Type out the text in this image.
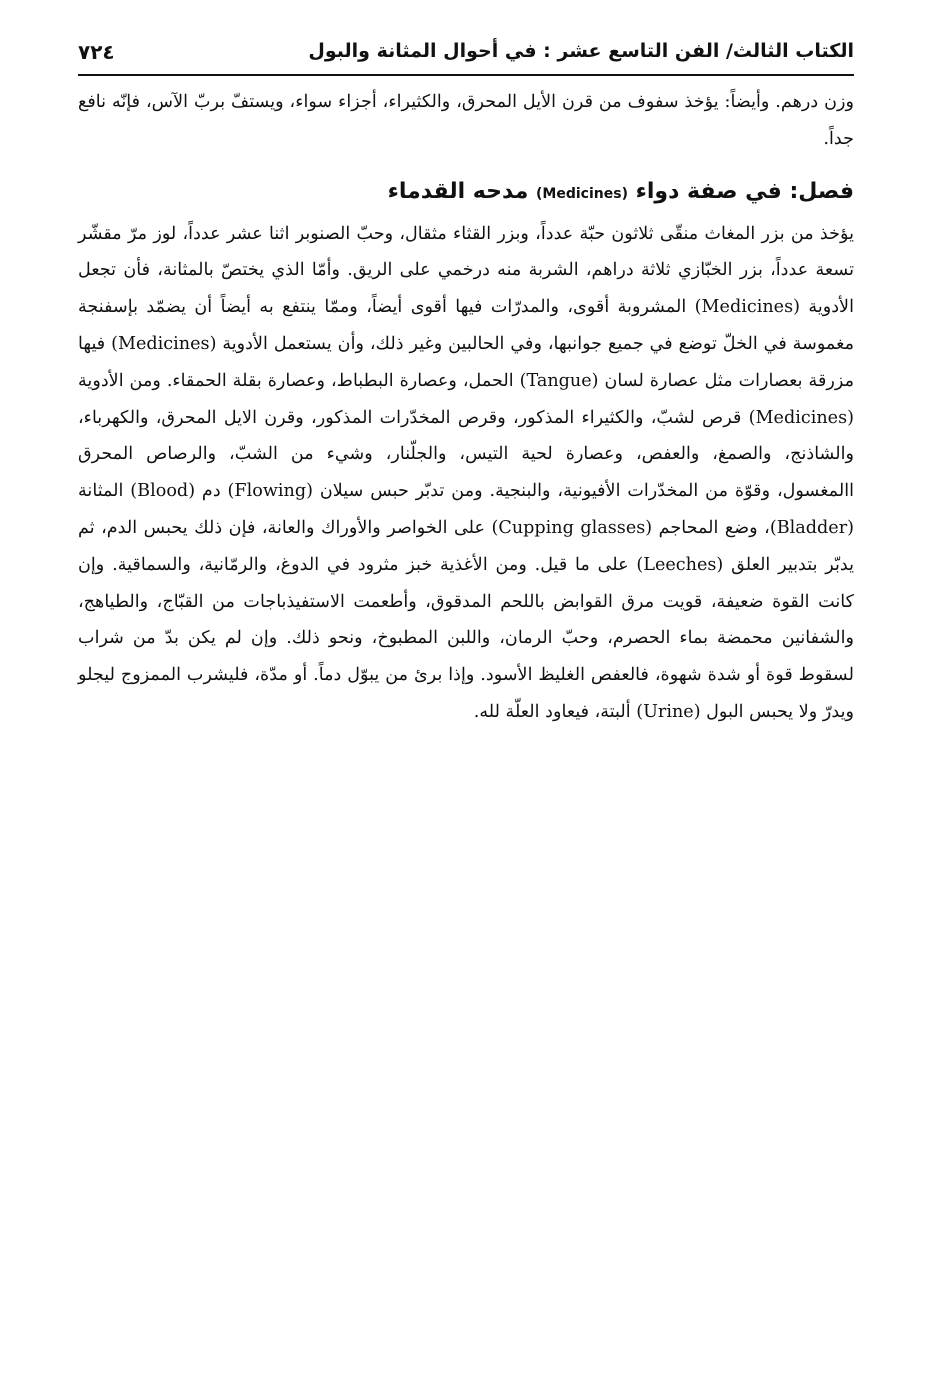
الكتاب الثالث/ الفن التاسع عشر : في أحوال المثانة والبول
٧٢٤

وزن درهم. وأيضاً: يؤخذ سفوف من قرن الأيل المحرق، والكثيراء، أجزاء سواء، ويستفّ بربّ الآس، فإنّه نافع جداً.

فصل: في صفة دواء (Medicines) مدحه القدماء

يؤخذ من بزر المغاث منقّى ثلاثون حبّة عدداً، وبزر القثاء مثقال، وحبّ الصنوبر اثنا عشر عدداً، لوز مرّ مقشّر تسعة عدداً، بزر الخبّازي ثلاثة دراهم، الشربة منه درخمي على الريق. وأمّا الذي يختصّ بالمثانة، فأن تجعل الأدوية (Medicines) المشروبة أقوى، والمدرّات فيها أقوى أيضاً، وممّا ينتفع به أيضاً أن يضمّد بإسفنجة مغموسة في الخلّ توضع في جميع جوانبها، وفي الحالبين وغير ذلك، وأن يستعمل الأدوية (Medicines) فيها مزرقة بعصارات مثل عصارة لسان (Tangue) الحمل، وعصارة البطباط، وعصارة بقلة الحمقاء. ومن الأدوية (Medicines) قرص لشبّ، والكثيراء المذكور، وقرص المخدّرات المذكور، وقرن الايل المحرق، والكهرباء، والشاذنج، والصمغ، والعفص، وعصارة لحية التيس، والجلّنار، وشيء من الشبّ، والرصاص المحرق االمغسول، وقوّة من المخدّرات الأفيونية، والبنجية. ومن تدبّر حبس سيلان (Flowing) دم (Blood) المثانة (Bladder)، وضع المحاجم (Cupping glasses) على الخواصر والأوراك والعانة، فإن ذلك يحبس الدم، ثم يدبّر بتدبير العلق (Leeches) على ما قيل. ومن الأغذية خبز مثرود في الدوغ، والرمّانية، والسماقية. وإن كانت القوة ضعيفة، قويت مرق القوابض باللحم المدقوق، وأطعمت الاستفيذباجات من القبّاج، والطياهج، والشفانين محمضة بماء الحصرم، وحبّ الرمان، واللبن المطبوخ، ونحو ذلك. وإن لم يكن بدّ من شراب لسقوط قوة أو شدة شهوة، فالعفص الغليظ الأسود. وإذا برئ من يبوّل دماً. أو مدّة، فليشرب الممزوج ليجلو ويدرّ ولا يحبس البول (Urine) ألبتة، فيعاود العلّة لله.
